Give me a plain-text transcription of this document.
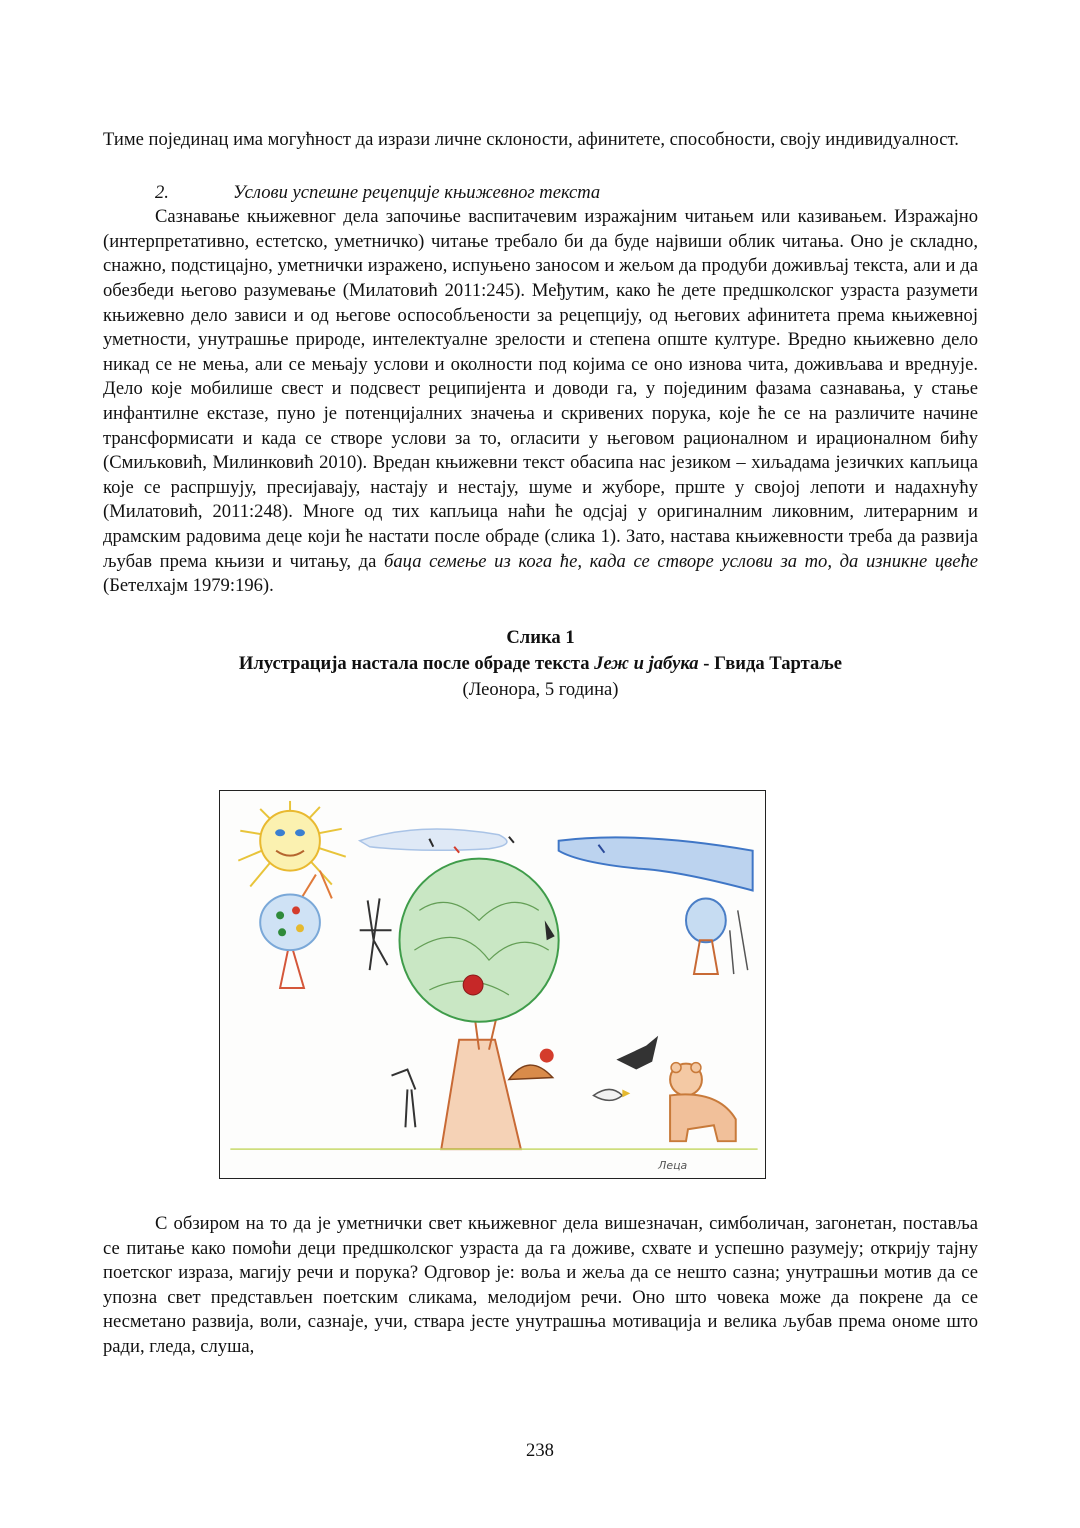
Тиме појединац има могућност да изрази личне склоности, афинитете, способности, своју индивидуалност.

2.	Услови успешне рецепције књижевног текста

Сазнавање књижевног дела започиње васпитачевим изражајним читањем или казивањем. Изражајно (интерпретативно, естетско, уметничко) читање требало би да буде највиши облик читања. Оно је складно, снажно, подстицајно, уметнички изражено, испуњено заносом и жељом да продуби доживљај текста, али и да обезбеди његово разумевање (Милатовић 2011:245). Међутим, како ће дете предшколског узраста разумети књижевно дело зависи и од његове оспособљености за рецепцију, од његових афинитета према књижевној уметности, унутрашње природе, интелектуалне зрелости и степена опште културе. Вредно књижевно дело никад се не мења, али се мењају услови и околности под којима се оно изнова чита, доживљава и вреднује. Дело које мобилише свест и подсвест реципијента и доводи га, у појединим фазама сазнавања, у стање инфантилне екстазе, пуно је потенцијалних значења и скривених порука, које ће се на различите начине трансформисати и када се створе услови за то, огласити у његовом рационалном и ирационалном бићу (Смиљковић, Милинковић 2010). Вредан књижевни текст обасипа нас језиком – хиљадама језичких капљица које се распршују, пресијавају, настају и нестају, шуме и жуборе, прште у својој лепоти и надахнућу (Милатовић, 2011:248). Многе од тих капљица наћи ће одсјај у оригиналним ликовним, литерарним и драмским радовима деце који ће настати после обраде (слика 1). Зато, настава књижевности треба да развија љубав према књизи и читању, да баца семење из кога ће, када се створе услови за то, да изникне цвеће (Бетелхајм 1979:196).

Слика 1

Илустрација настала после обраде текста Јеж и јабука - Гвида Тартаље

(Леонора, 5 година)

Леца

С обзиром на то да је уметнички свет књижевног дела вишезначан, симболичан, загонетан, поставља се питање како помоћи деци предшколског узраста да га доживе, схвате и успешно разумеју; открију тајну поетског израза, магију речи и порука? Одговор је: воља и жеља да се нешто сазна; унутрашњи мотив да се упозна свет представљен поетским сликама, мелодијом речи. Оно што човека може да покрене да се несметано развија, воли, сазнаје, учи, ствара јесте унутрашња мотивација и велика љубав према ономе што ради, гледа, слуша,

238
